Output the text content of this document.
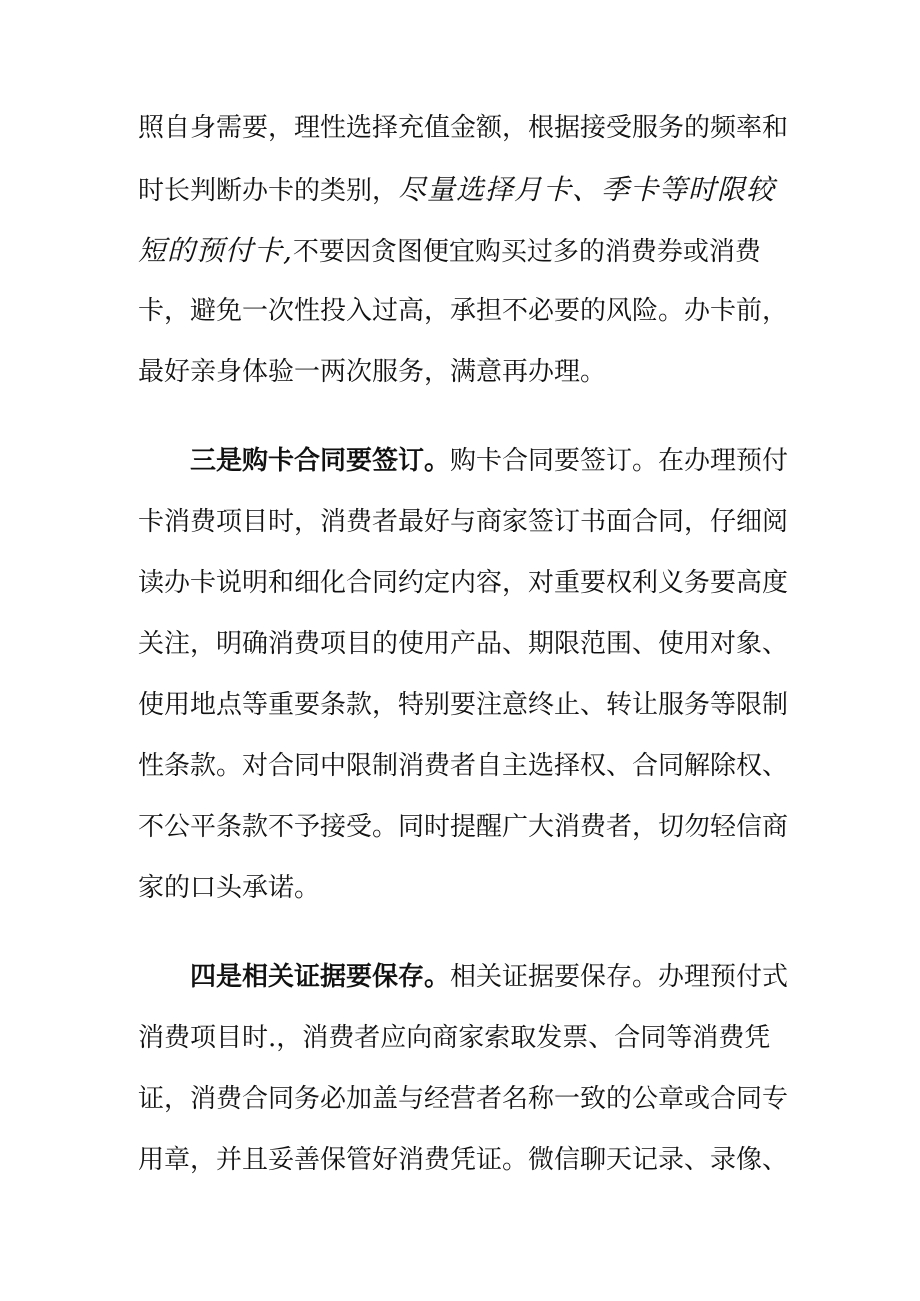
照自身需要，理性选择充值金额，根据接受服务的频率和
时长判断办卡的类别，尽量选择月卡、季卡等时限较
短的预付卡,不要因贪图便宜购买过多的消费券或消费
卡，避免一次性投入过高，承担不必要的风险。办卡前，
最好亲身体验一两次服务，满意再办理。
三是购卡合同要签订。购卡合同要签订。在办理预付
卡消费项目时，消费者最好与商家签订书面合同，仔细阅
读办卡说明和细化合同约定内容，对重要权利义务要高度
关注，明确消费项目的使用产品、期限范围、使用对象、
使用地点等重要条款，特别要注意终止、转让服务等限制
性条款。对合同中限制消费者自主选择权、合同解除权、
不公平条款不予接受。同时提醒广大消费者，切勿轻信商
家的口头承诺。
四是相关证据要保存。相关证据要保存。办理预付式
消费项目时.，消费者应向商家索取发票、合同等消费凭
证，消费合同务必加盖与经营者名称一致的公章或合同专
用章，并且妥善保管好消费凭证。微信聊天记录、录像、
